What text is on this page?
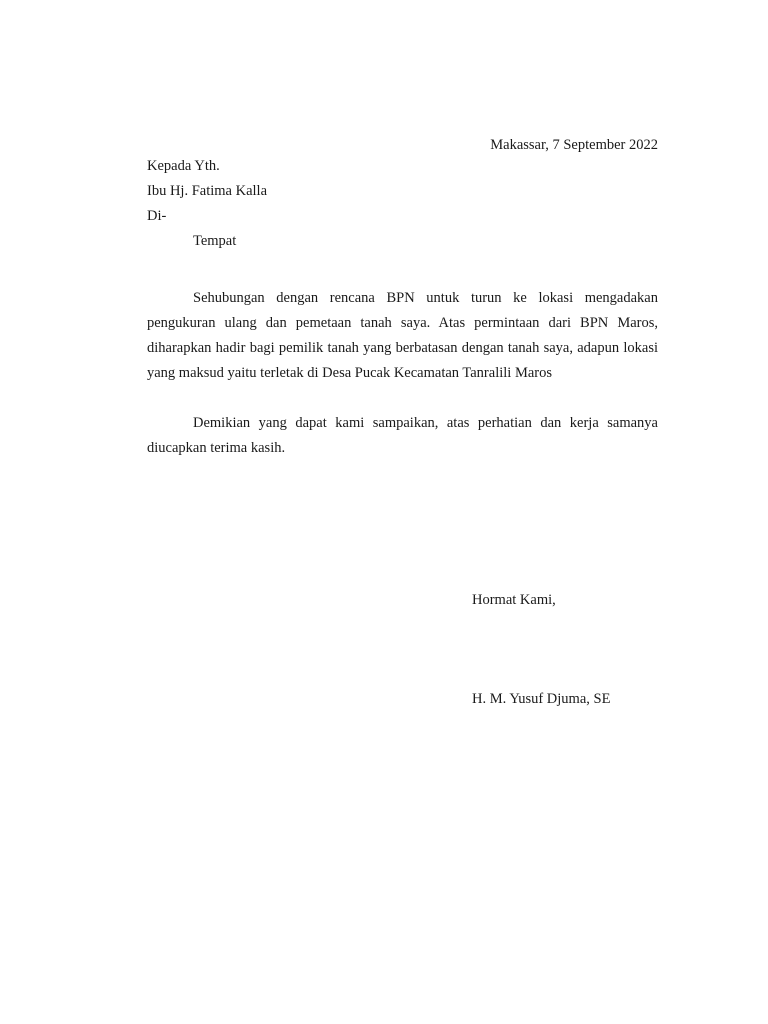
Makassar, 7 September 2022
Kepada Yth.
Ibu Hj. Fatima Kalla
Di-
Tempat

Sehubungan dengan rencana BPN untuk turun ke lokasi mengadakan pengukuran ulang dan pemetaan tanah saya. Atas permintaan dari BPN Maros, diharapkan hadir bagi pemilik tanah yang berbatasan dengan tanah saya, adapun lokasi yang maksud yaitu terletak di Desa Pucak Kecamatan Tanralili Maros

Demikian yang dapat kami sampaikan, atas perhatian dan kerja samanya diucapkan terima kasih.

Hormat Kami,
H. M. Yusuf Djuma, SE
